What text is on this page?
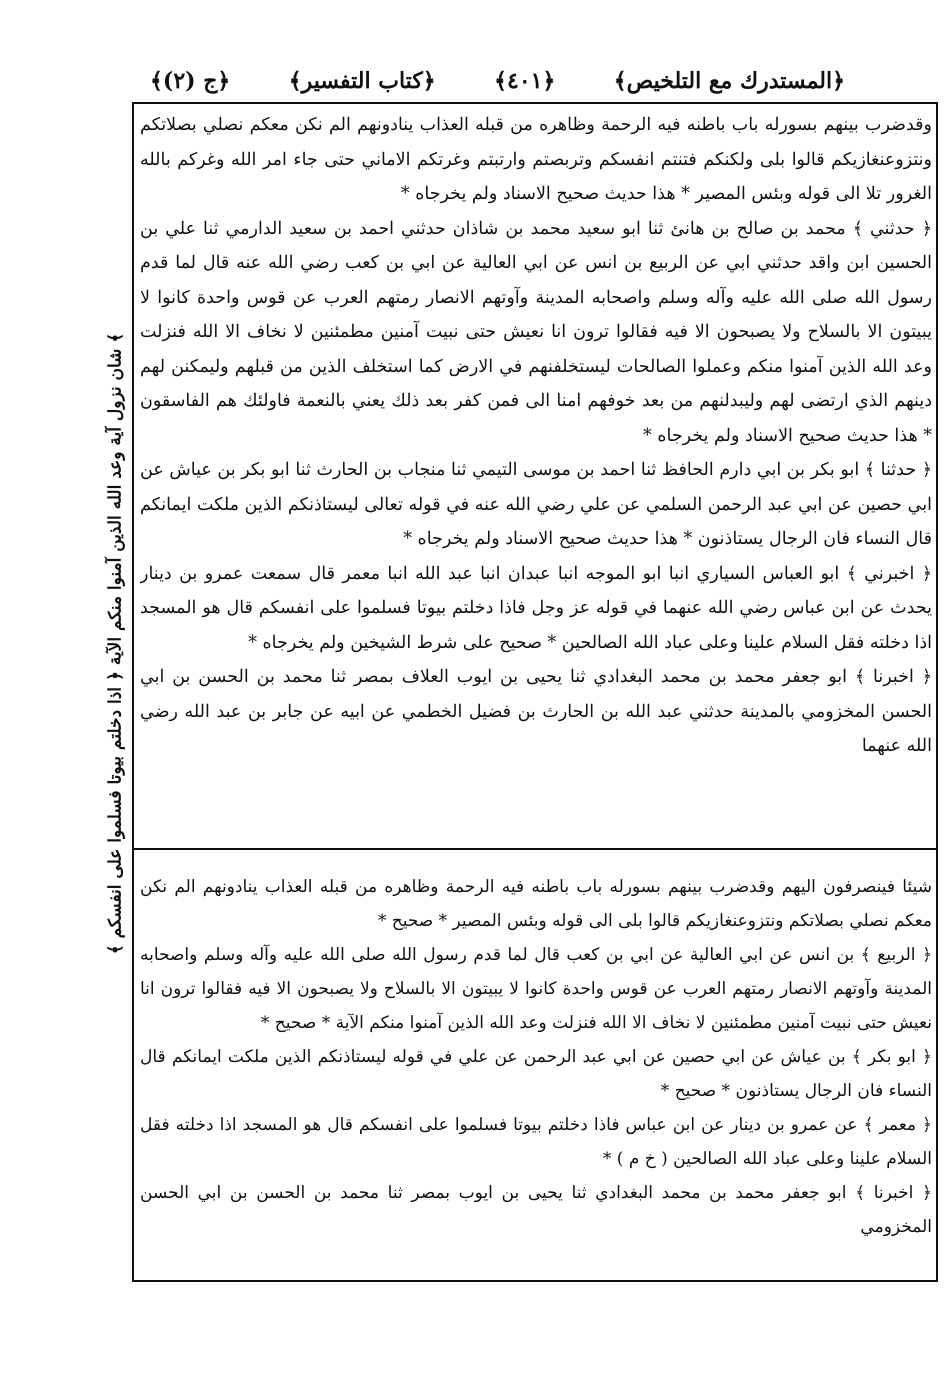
﴿المستدرك مع التلخيص﴾
﴿٤٠١﴾
﴿كتاب التفسير﴾
﴿ج (٢)﴾

وقدضرب بينهم بسورله باب باطنه فيه الرحمة وظاهره من قبله العذاب ينادونهم الم نكن معكم نصلي بصلاتكم ونتزوعنغازيكم قالوا بلى ولكنكم فتنتم انفسكم وتربصتم وارتبتم وغرتكم الاماني حتى جاء امر الله وغركم بالله الغرور تلا الى قوله وبئس المصير * هذا حديث صحيح الاسناد ولم يخرجاه *

﴿ حدثني ﴾ محمد بن صالح بن هانئ ثنا ابو سعيد محمد بن شاذان حدثني احمد بن سعيد الدارمي ثنا علي بن الحسين ابن واقد حدثني ابي عن الربيع بن انس عن ابي العالية عن ابي بن كعب رضي الله عنه قال لما قدم رسول الله صلى الله عليه وآله وسلم واصحابه المدينة وآوتهم الانصار رمتهم العرب عن قوس واحدة كانوا لا يبيتون الا بالسلاح ولا يصبحون الا فيه فقالوا ترون انا نعيش حتى نبيت آمنين مطمئنين لا نخاف الا الله فنزلت وعد الله الذين آمنوا منكم وعملوا الصالحات ليستخلفنهم في الارض كما استخلف الذين من قبلهم وليمكنن لهم دينهم الذي ارتضى لهم وليبدلنهم من بعد خوفهم امنا الى فمن كفر بعد ذلك يعني بالنعمة فاولئك هم الفاسقون * هذا حديث صحيح الاسناد ولم يخرجاه *

﴿ حدثنا ﴾ ابو بكر بن ابي دارم الحافظ ثنا احمد بن موسى التيمي ثنا منجاب بن الحارث ثنا ابو بكر بن عياش عن ابي حصين عن ابي عبد الرحمن السلمي عن علي رضي الله عنه في قوله تعالى ليستاذنكم الذين ملكت ايمانكم قال النساء فان الرجال يستاذنون * هذا حديث صحيح الاسناد ولم يخرجاه *

﴿ اخبرني ﴾ ابو العباس السياري انبا ابو الموجه انبا عبدان انبا عبد الله انبا معمر قال سمعت عمرو بن دينار يحدث عن ابن عباس رضي الله عنهما في قوله عز وجل فاذا دخلتم بيوتا فسلموا على انفسكم قال هو المسجد اذا دخلته فقل السلام علينا وعلى عباد الله الصالحين * صحيح على شرط الشيخين ولم يخرجاه *

﴿ اخبرنا ﴾ ابو جعفر محمد بن محمد البغدادي ثنا يحيى بن ايوب العلاف بمصر ثنا محمد بن الحسن بن ابي الحسن المخزومي بالمدينة حدثني عبد الله بن الحارث بن فضيل الخطمي عن ابيه عن جابر بن عبد الله رضي الله عنهما

شيئا فينصرفون اليهم وقدضرب بينهم بسورله باب باطنه فيه الرحمة وظاهره من قبله العذاب ينادونهم الم نكن معكم نصلي بصلاتكم ونتزوعنغازيكم قالوا بلى الى قوله وبئس المصير * صحيح *

﴿ الربيع ﴾ بن انس عن ابي العالية عن ابي بن كعب قال لما قدم رسول الله صلى الله عليه وآله وسلم واصحابه المدينة وآوتهم الانصار رمتهم العرب عن قوس واحدة كانوا لا يبيتون الا بالسلاح ولا يصبحون الا فيه فقالوا ترون انا نعيش حتى نبيت آمنين مطمئنين لا نخاف الا الله فنزلت وعد الله الذين آمنوا منكم الآية * صحيح *

﴿ ابو بكر ﴾ بن عياش عن ابي حصين عن ابي عبد الرحمن عن علي في قوله ليستاذنكم الذين ملكت ايمانكم قال النساء فان الرجال يستاذنون * صحيح *

﴿ معمر ﴾ عن عمرو بن دينار عن ابن عباس فاذا دخلتم بيوتا فسلموا على انفسكم قال هو المسجد اذا دخلته فقل السلام علينا وعلى عباد الله الصالحين ( خ م ) *

﴿ اخبرنا ﴾ ابو جعفر محمد بن محمد البغدادي ثنا يحيى بن ايوب بمصر ثنا محمد بن الحسن بن ابي الحسن المخزومي

﴾ شان نزول آية وعد الله الذين آمنوا منكم الآية ﴿ اذا دخلتم بيوتا فسلموا على انفسكم ﴾
